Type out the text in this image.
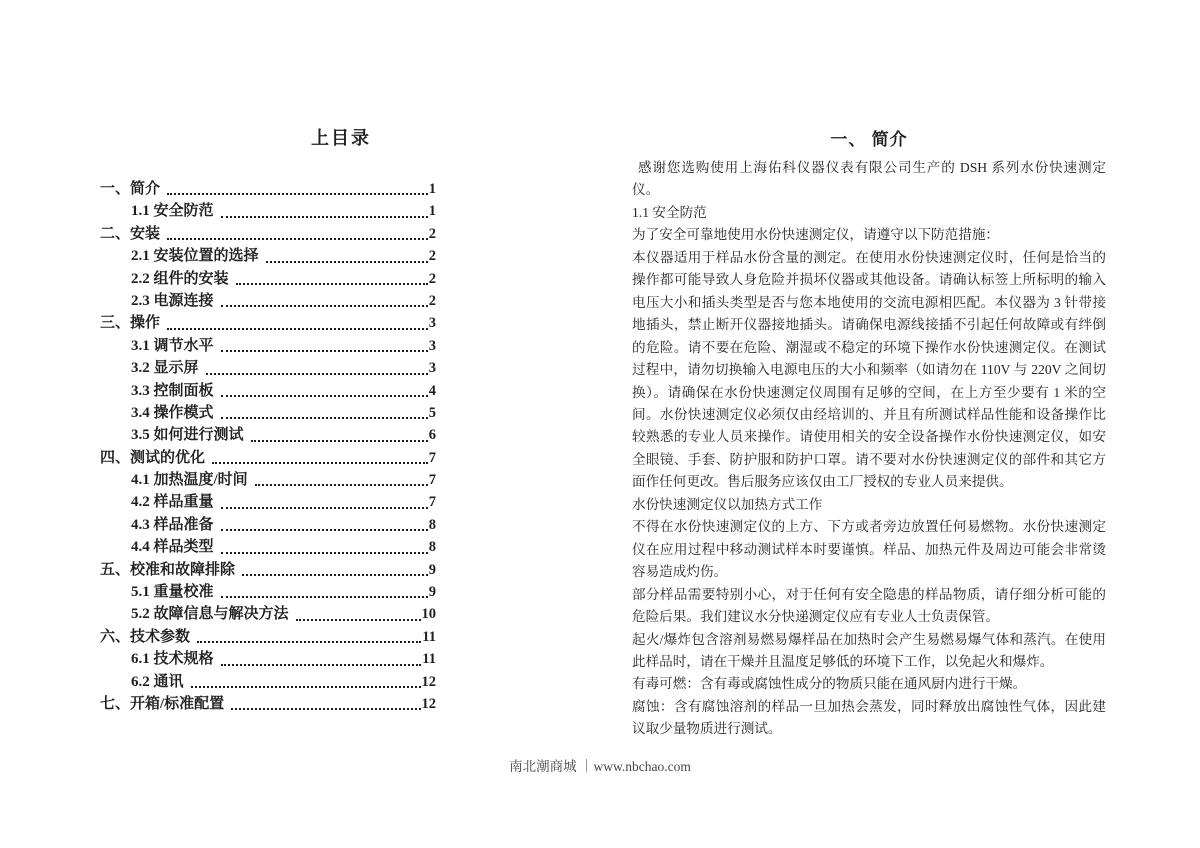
上目录
一、简介	1
1.1 安全防范	1
二、安装	2
2.1 安装位置的选择	2
2.2 组件的安装	2
2.3 电源连接	2
三、操作	3
3.1 调节水平	3
3.2 显示屏	3
3.3 控制面板	4
3.4 操作模式	5
3.5 如何进行测试	6
四、测试的优化	7
4.1 加热温度/时间	7
4.2 样品重量	7
4.3 样品准备	8
4.4 样品类型	8
五、校准和故障排除	9
5.1 重量校准	9
5.2 故障信息与解决方法	10
六、技术参数	11
6.1 技术规格	11
6.2 通讯	12
七、开箱/标准配置	12
一、 简介

感谢您选购使用上海佑科仪器仪表有限公司生产的 DSH 系列水份快速测定仪。

1.1 安全防范

为了安全可靠地使用水份快速测定仪，请遵守以下防范措施：

本仪器适用于样品水份含量的测定。在使用水份快速测定仪时，任何是恰当的操作都可能导致人身危险并损坏仪器或其他设备。请确认标签上所标明的输入电压大小和插头类型是否与您本地使用的交流电源相匹配。本仪器为 3 针带接地插头，禁止断开仪器接地插头。请确保电源线接插不引起任何故障或有绊倒的危险。请不要在危险、潮湿或不稳定的环境下操作水份快速测定仪。在测试过程中，请勿切换输入电源电压的大小和频率（如请勿在 110V 与 220V 之间切换）。请确保在水份快速测定仪周围有足够的空间，在上方至少要有 1 米的空间。水份快速测定仪必须仅由经培训的、并且有所测试样品性能和设备操作比较熟悉的专业人员来操作。请使用相关的安全设备操作水份快速测定仪，如安全眼镜、手套、防护服和防护口罩。请不要对水份快速测定仪的部件和其它方面作任何更改。售后服务应该仅由工厂授权的专业人员来提供。

水份快速测定仪以加热方式工作

不得在水份快速测定仪的上方、下方或者旁边放置任何易燃物。水份快速测定仪在应用过程中移动测试样本时要谨慎。样品、加热元件及周边可能会非常烫容易造成灼伤。

部分样品需要特别小心，对于任何有安全隐患的样品物质，请仔细分析可能的危险后果。我们建议水分快递测定仪应有专业人士负责保管。

起火/爆炸包含溶剂易燃易爆样品在加热时会产生易燃易爆气体和蒸汽。在使用此样品时，请在干燥并且温度足够低的环境下工作，以免起火和爆炸。

有毒可燃：含有毒或腐蚀性成分的物质只能在通风厨内进行干燥。

腐蚀：含有腐蚀溶剂的样品一旦加热会蒸发，同时释放出腐蚀性气体，因此建议取少量物质进行测试。

南北潮商城 ｜www.nbchao.com
